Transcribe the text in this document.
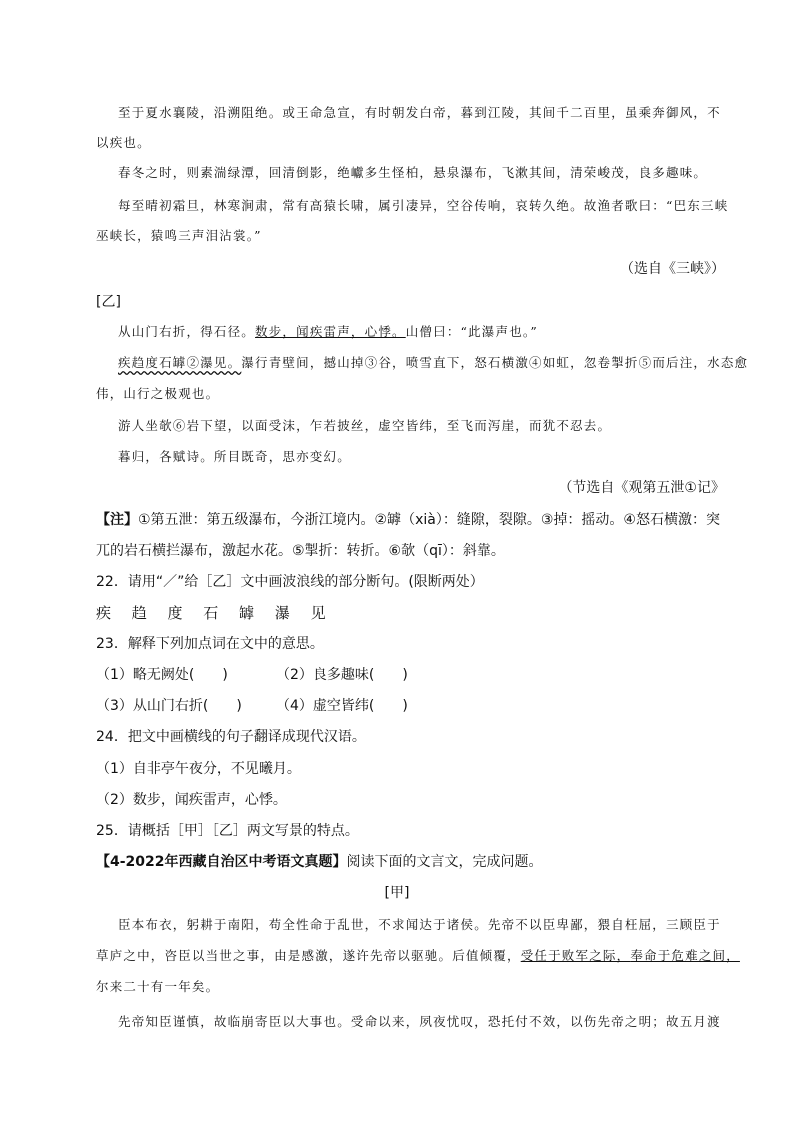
至于夏水襄陵，沿溯阻绝。或王命急宣，有时朝发白帝，暮到江陵，其间千二百里，虽乘奔御风，不
以疾也。
春冬之时，则素湍绿潭，回清倒影，绝巘多生怪柏，悬泉瀑布，飞漱其间，清荣峻茂，良多趣味。
每至晴初霜旦，林寒涧肃，常有高猿长啸，属引凄异，空谷传响，哀转久绝。故渔者歌曰：“巴东三峡
巫峡长，猿鸣三声泪沾裳。”
（选自《三峡》）
[乙]
从山门右折，得石径。数步，闻疾雷声，心悸。山僧曰：“此瀑声也。”
疾趋度石罅②瀑见。瀑行青壁间，撼山掉③谷，喷雪直下，怒石横激④如虹，忽卷掣折⑤而后注，水态愈
伟，山行之极观也。
游人坐欹⑥岩下望，以面受沫，乍若披丝，虚空皆纬，至飞而泻崖，而犹不忍去。
暮归，各赋诗。所目既奇，思亦变幻。
（节选自《观第五泄①记》
【注】①第五泄：第五级瀑布，今浙江境内。②罅（xià）：缝隙，裂隙。③掉：摇动。④怒石横激：突
兀的岩石横拦瀑布，激起水花。⑤掣折：转折。⑥欹（qī）：斜靠。
22．请用“／”给［乙］文中画波浪线的部分断句。(限断两处）
疾 趋 度 石 罅 瀑 见
23．解释下列加点词在文中的意思。
（1）略无阙处(　　)	（2）良多趣味(　　)
（3）从山门右折(　　) （4）虚空皆纬(　　)
24．把文中画横线的句子翻译成现代汉语。
（1）自非亭午夜分，不见曦月。
（2）数步，闻疾雷声，心悸。
25．请概括［甲］［乙］两文写景的特点。
【4-2022年西藏自治区中考语文真题】阅读下面的文言文，完成问题。
[甲]
臣本布衣，躬耕于南阳，苟全性命于乱世，不求闻达于诸侯。先帝不以臣卑鄙，猥自枉屈，三顾臣于
草庐之中，咨臣以当世之事，由是感激，遂许先帝以驱驰。后值倾覆，受任于败军之际，奉命于危难之间，
尔来二十有一年矣。
先帝知臣谨慎，故临崩寄臣以大事也。受命以来，夙夜忧叹，恐托付不效，以伤先帝之明；故五月渡
